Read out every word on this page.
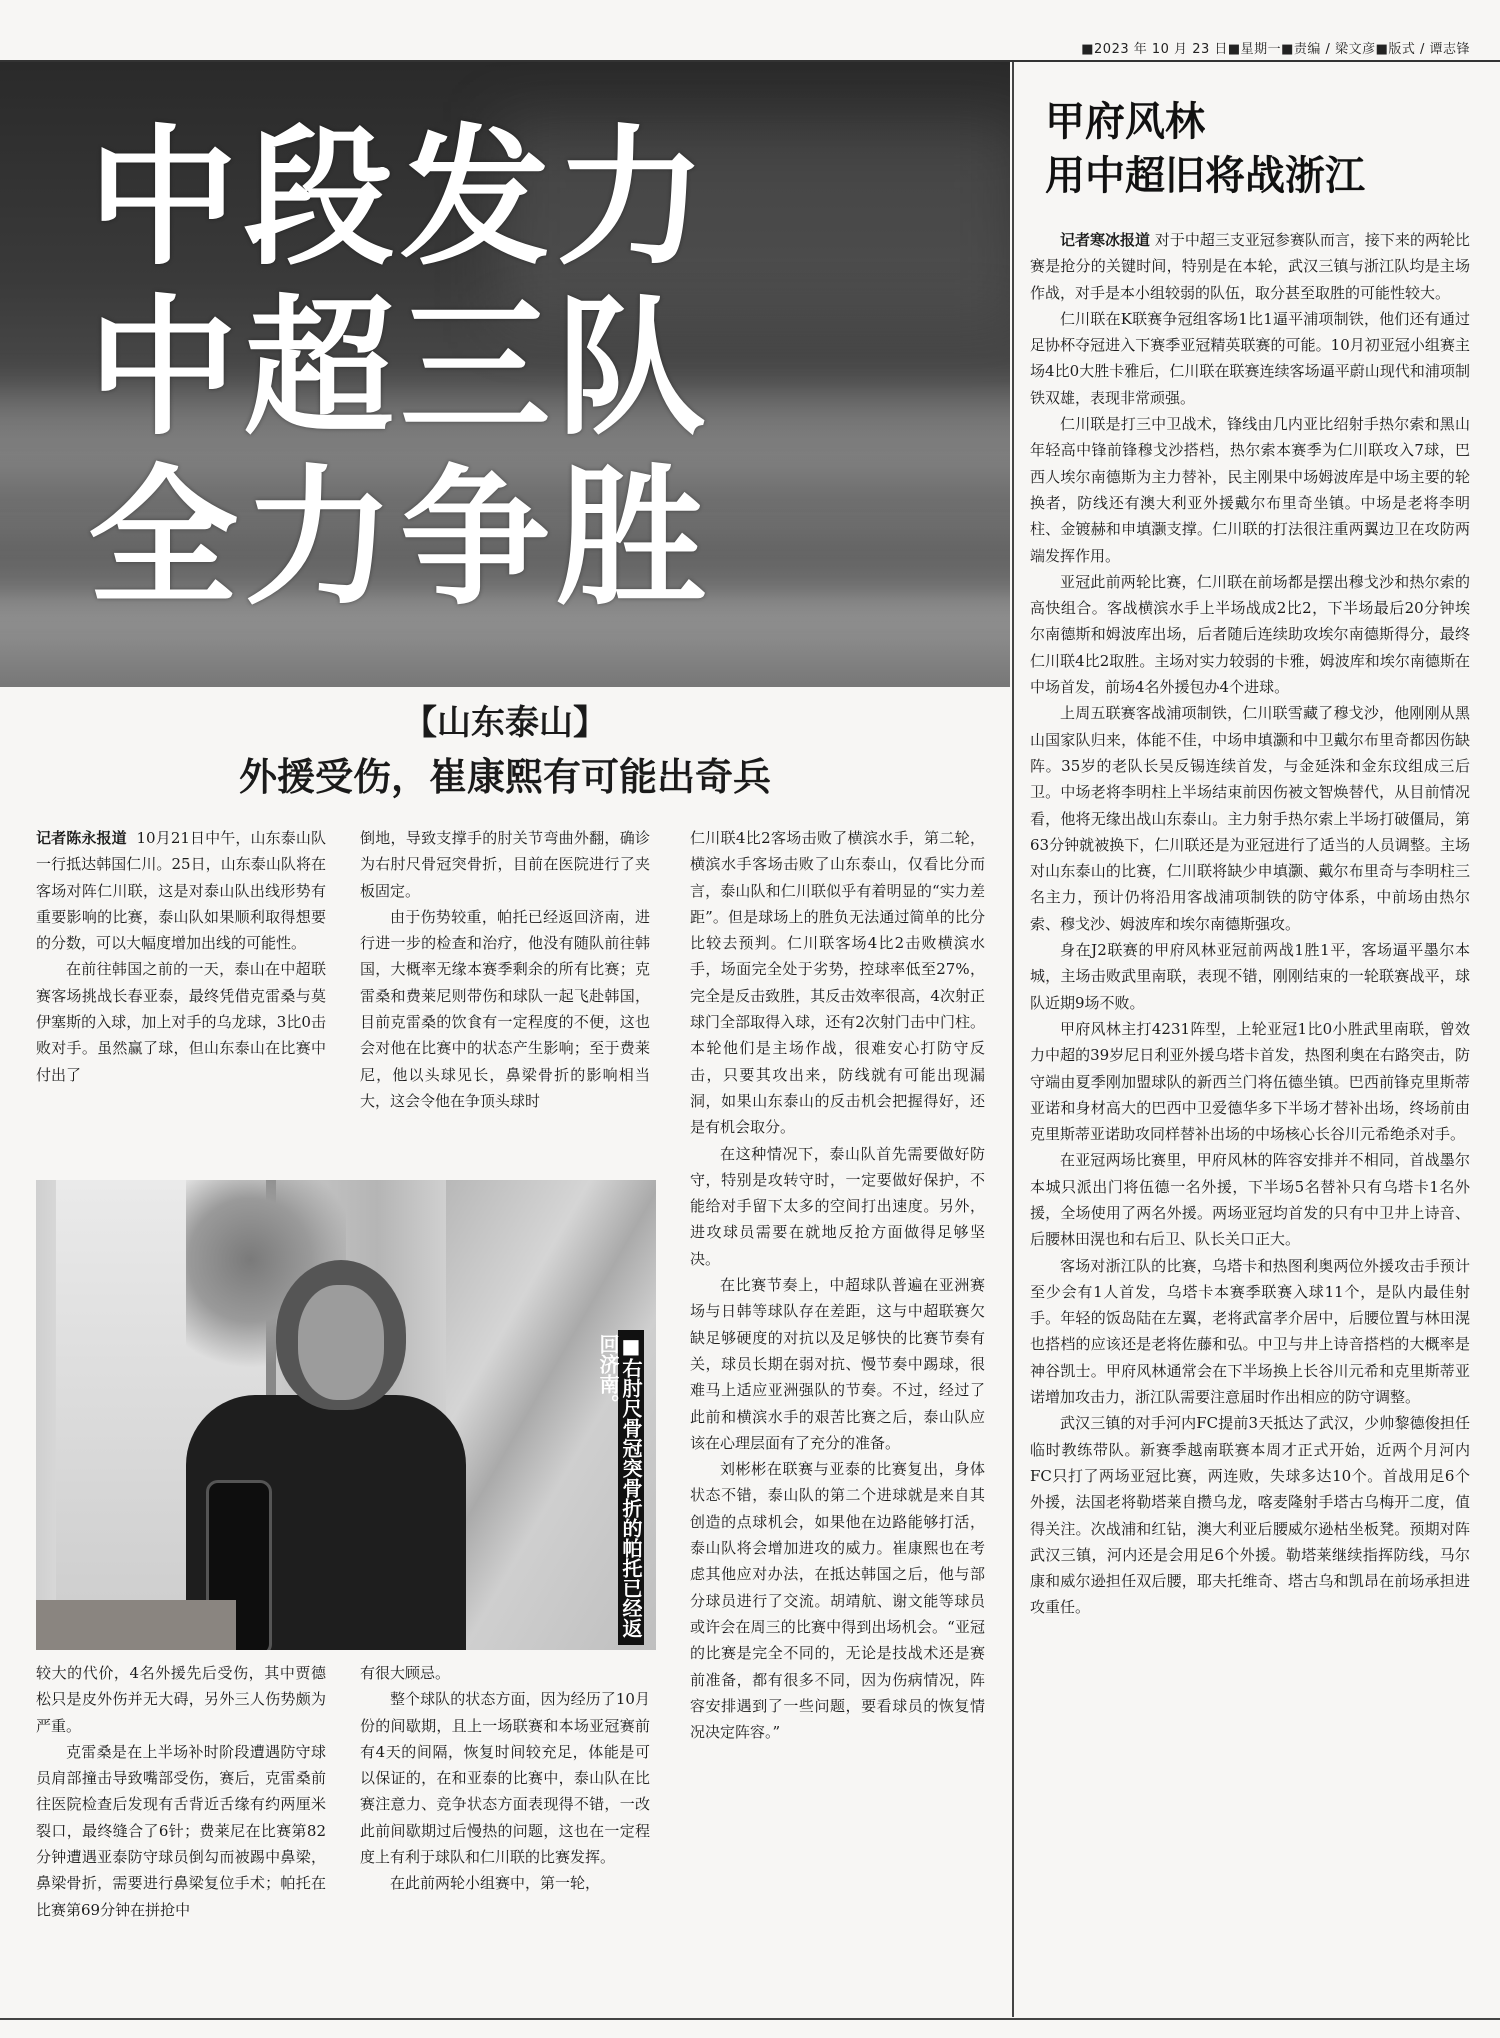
■2023 年 10 月 23 日■星期一■责编 / 梁文彦■版式 / 谭志锋
中段发力
中超三队
全力争胜
甲府风林
用中超旧将战浙江

记者寒冰报道 对于中超三支亚冠参赛队而言，接下来的两轮比赛是抢分的关键时间，特别是在本轮，武汉三镇与浙江队均是主场作战，对手是本小组较弱的队伍，取分甚至取胜的可能性较大。

仁川联在K联赛争冠组客场1比1逼平浦项制铁，他们还有通过足协杯夺冠进入下赛季亚冠精英联赛的可能。10月初亚冠小组赛主场4比0大胜卡雅后，仁川联在联赛连续客场逼平蔚山现代和浦项制铁双雄，表现非常顽强。

仁川联是打三中卫战术，锋线由几内亚比绍射手热尔索和黑山年轻高中锋前锋穆戈沙搭档，热尔索本赛季为仁川联攻入7球，巴西人埃尔南德斯为主力替补，民主刚果中场姆波库是中场主要的轮换者，防线还有澳大利亚外援戴尔布里奇坐镇。中场是老将李明柱、金镀赫和申填灏支撑。仁川联的打法很注重两翼边卫在攻防两端发挥作用。

亚冠此前两轮比赛，仁川联在前场都是摆出穆戈沙和热尔索的高快组合。客战横滨水手上半场战成2比2，下半场最后20分钟埃尔南德斯和姆波库出场，后者随后连续助攻埃尔南德斯得分，最终仁川联4比2取胜。主场对实力较弱的卡雅，姆波库和埃尔南德斯在中场首发，前场4名外援包办4个进球。

上周五联赛客战浦项制铁，仁川联雪藏了穆戈沙，他刚刚从黑山国家队归来，体能不佳，中场申填灏和中卫戴尔布里奇都因伤缺阵。35岁的老队长吴反锡连续首发，与金延洙和金东玟组成三后卫。中场老将李明柱上半场结束前因伤被文智焕替代，从目前情况看，他将无缘出战山东泰山。主力射手热尔索上半场打破僵局，第63分钟就被换下，仁川联还是为亚冠进行了适当的人员调整。主场对山东泰山的比赛，仁川联将缺少申填灏、戴尔布里奇与李明柱三名主力，预计仍将沿用客战浦项制铁的防守体系，中前场由热尔索、穆戈沙、姆波库和埃尔南德斯强攻。

身在J2联赛的甲府风林亚冠前两战1胜1平，客场逼平墨尔本城，主场击败武里南联，表现不错，刚刚结束的一轮联赛战平，球队近期9场不败。

甲府风林主打4231阵型，上轮亚冠1比0小胜武里南联，曾效力中超的39岁尼日利亚外援乌塔卡首发，热图利奥在右路突击，防守端由夏季刚加盟球队的新西兰门将伍德坐镇。巴西前锋克里斯蒂亚诺和身材高大的巴西中卫爱德华多下半场才替补出场，终场前由克里斯蒂亚诺助攻同样替补出场的中场核心长谷川元希绝杀对手。

在亚冠两场比赛里，甲府风林的阵容安排并不相同，首战墨尔本城只派出门将伍德一名外援，下半场5名替补只有乌塔卡1名外援，全场使用了两名外援。两场亚冠均首发的只有中卫井上诗音、后腰林田滉也和右后卫、队长关口正大。

客场对浙江队的比赛，乌塔卡和热图利奥两位外援攻击手预计至少会有1人首发，乌塔卡本赛季联赛入球11个，是队内最佳射手。年轻的饭岛陆在左翼，老将武富孝介居中，后腰位置与林田滉也搭档的应该还是老将佐藤和弘。中卫与井上诗音搭档的大概率是神谷凯士。甲府风林通常会在下半场换上长谷川元希和克里斯蒂亚诺增加攻击力，浙江队需要注意届时作出相应的防守调整。

武汉三镇的对手河内FC提前3天抵达了武汉，少帅黎德俊担任临时教练带队。新赛季越南联赛本周才正式开始，近两个月河内FC只打了两场亚冠比赛，两连败，失球多达10个。首战用足6个外援，法国老将勒塔莱自攒乌龙，喀麦隆射手塔古乌梅开二度，值得关注。次战浦和红钻，澳大利亚后腰威尔逊枯坐板凳。预期对阵武汉三镇，河内还是会用足6个外援。勒塔莱继续指挥防线，马尔康和威尔逊担任双后腰，耶夫托维奇、塔古乌和凯昂在前场承担进攻重任。

【山东泰山】
外援受伤，崔康熙有可能出奇兵

记者陈永报道 10月21日中午，山东泰山队一行抵达韩国仁川。25日，山东泰山队将在客场对阵仁川联，这是对泰山队出线形势有重要影响的比赛，泰山队如果顺利取得想要的分数，可以大幅度增加出线的可能性。

在前往韩国之前的一天，泰山在中超联赛客场挑战长春亚泰，最终凭借克雷桑与莫伊塞斯的入球，加上对手的乌龙球，3比0击败对手。虽然赢了球，但山东泰山在比赛中付出了

倒地，导致支撑手的肘关节弯曲外翻，确诊为右肘尺骨冠突骨折，目前在医院进行了夹板固定。

由于伤势较重，帕托已经返回济南，进行进一步的检查和治疗，他没有随队前往韩国，大概率无缘本赛季剩余的所有比赛；克雷桑和费莱尼则带伤和球队一起飞赴韩国，目前克雷桑的饮食有一定程度的不便，这也会对他在比赛中的状态产生影响；至于费莱尼，他以头球见长，鼻梁骨折的影响相当大，这会令他在争顶头球时

仁川联4比2客场击败了横滨水手，第二轮，横滨水手客场击败了山东泰山，仅看比分而言，泰山队和仁川联似乎有着明显的“实力差距”。但是球场上的胜负无法通过简单的比分比较去预判。仁川联客场4比2击败横滨水手，场面完全处于劣势，控球率低至27%，完全是反击致胜，其反击效率很高，4次射正球门全部取得入球，还有2次射门击中门柱。本轮他们是主场作战，很难安心打防守反击，只要其攻出来，防线就有可能出现漏洞，如果山东泰山的反击机会把握得好，还是有机会取分。

在这种情况下，泰山队首先需要做好防守，特别是攻转守时，一定要做好保护，不能给对手留下太多的空间打出速度。另外，进攻球员需要在就地反抢方面做得足够坚决。

在比赛节奏上，中超球队普遍在亚洲赛场与日韩等球队存在差距，这与中超联赛欠缺足够硬度的对抗以及足够快的比赛节奏有关，球员长期在弱对抗、慢节奏中踢球，很难马上适应亚洲强队的节奏。不过，经过了此前和横滨水手的艰苦比赛之后，泰山队应该在心理层面有了充分的准备。

刘彬彬在联赛与亚泰的比赛复出，身体状态不错，泰山队的第二个进球就是来自其创造的点球机会，如果他在边路能够打活，泰山队将会增加进攻的威力。崔康熙也在考虑其他应对办法，在抵达韩国之后，他与部分球员进行了交流。胡靖航、谢文能等球员或许会在周三的比赛中得到出场机会。“亚冠的比赛是完全不同的，无论是技战术还是赛前准备，都有很多不同，因为伤病情况，阵容安排遇到了一些问题，要看球员的恢复情况决定阵容。”

■右肘尺骨冠突骨折的帕托已经返回济南。

较大的代价，4名外援先后受伤，其中贾德松只是皮外伤并无大碍，另外三人伤势颇为严重。

克雷桑是在上半场补时阶段遭遇防守球员肩部撞击导致嘴部受伤，赛后，克雷桑前往医院检查后发现有舌背近舌缘有约两厘米裂口，最终缝合了6针；费莱尼在比赛第82分钟遭遇亚泰防守球员倒勾而被踢中鼻梁，鼻梁骨折，需要进行鼻梁复位手术；帕托在比赛第69分钟在拼抢中

有很大顾忌。

整个球队的状态方面，因为经历了10月份的间歇期，且上一场联赛和本场亚冠赛前有4天的间隔，恢复时间较充足，体能是可以保证的，在和亚泰的比赛中，泰山队在比赛注意力、竞争状态方面表现得不错，一改此前间歇期过后慢热的问题，这也在一定程度上有利于球队和仁川联的比赛发挥。

在此前两轮小组赛中，第一轮，
